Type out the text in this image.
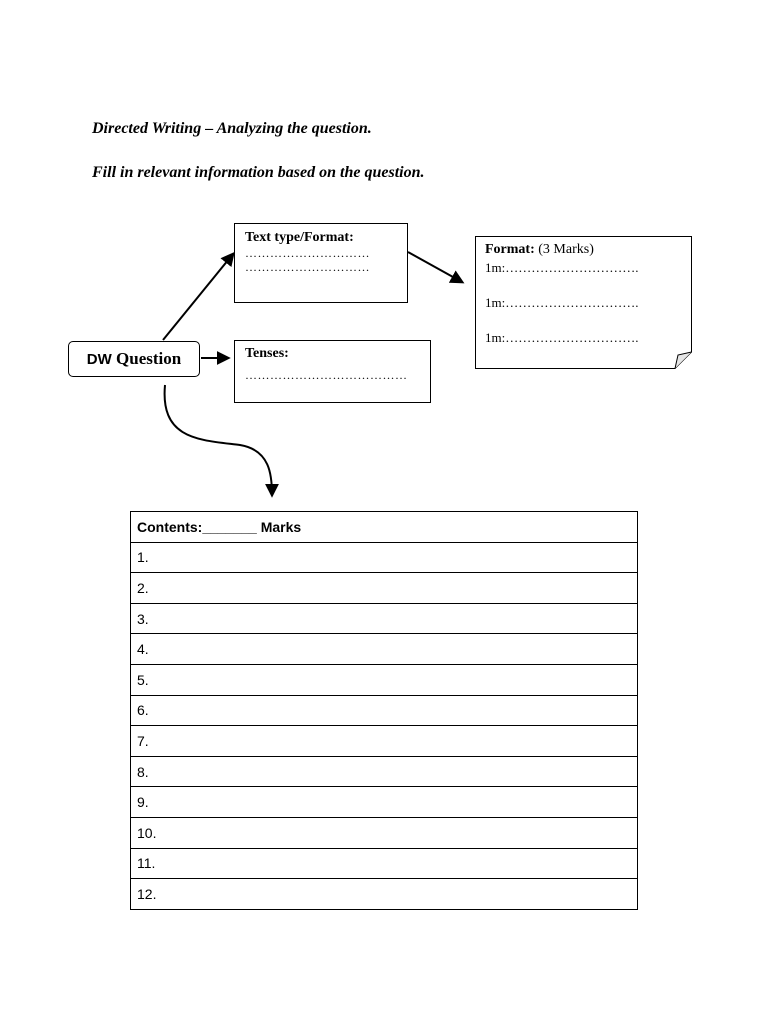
Directed Writing – Analyzing the question.
Fill in relevant information based on the question.
Text type/Format:
…………………………
…………………………
DW Question	Tenses:
…………………………………
Format: (3 Marks)
1m:………………………….
1m:………………………….
1m:………………………….
Contents:_______ Marks
1.
2.
3.
4.
5.
6.
7.
8.
9.
10.
11.
12.
